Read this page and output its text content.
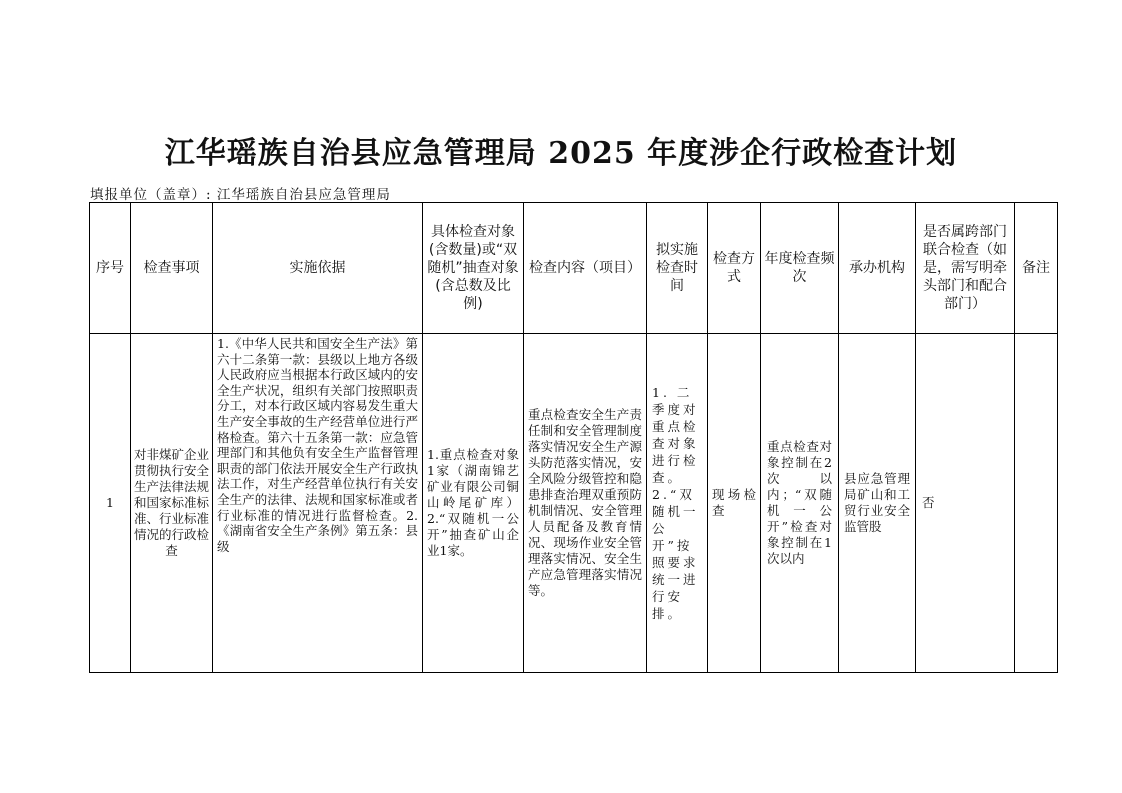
江华瑶族自治县应急管理局 2025 年度涉企行政检查计划
填报单位（盖章）: 江华瑶族自治县应急管理局
序号	检查事项	实施依据	具体检查对象(含数量)或“双随机”抽查对象(含总数及比例)	检查内容（项目）	拟实施检查时间	检查方式	年度检查频次	承办机构	是否属跨部门联合检查（如是，需写明牵头部门和配合部门）	备注
1	对非煤矿企业贯彻执行安全生产法律法规和国家标准标准、行业标准情况的行政检查	1.《中华人民共和国安全生产法》第六十二条第一款：县级以上地方各级人民政府应当根据本行政区域内的安全生产状况，组织有关部门按照职责分工，对本行政区域内容易发生重大生产安全事故的生产经营单位进行严格检查。第六十五条第一款：应急管理部门和其他负有安全生产监督管理职责的部门依法开展安全生产行政执法工作，对生产经营单位执行有关安全生产的法律、法规和国家标准或者行业标准的情况进行监督检查。2.《湖南省安全生产条例》第五条：县级	1.重点检查对象1家（湖南锦艺矿业有限公司铜山岭尾矿库）2.“双随机一公开”抽查矿山企业1家。	重点检查安全生产责任制和安全管理制度落实情况安全生产源头防范落实情况，安全风险分级管控和隐患排查治理双重预防机制情况、安全管理人员配备及教育情况、现场作业安全管理落实情况、安全生产应急管理落实情况等。	1. 二季度对重点检查对象进行检查。2.“双随机一公开”按照要求统一进行安排。	现场检查	重点检查对象控制在2次以内；“双随机一公开”检查对象控制在1次以内	县应急管理局矿山和工贸行业安全监管股	否	
